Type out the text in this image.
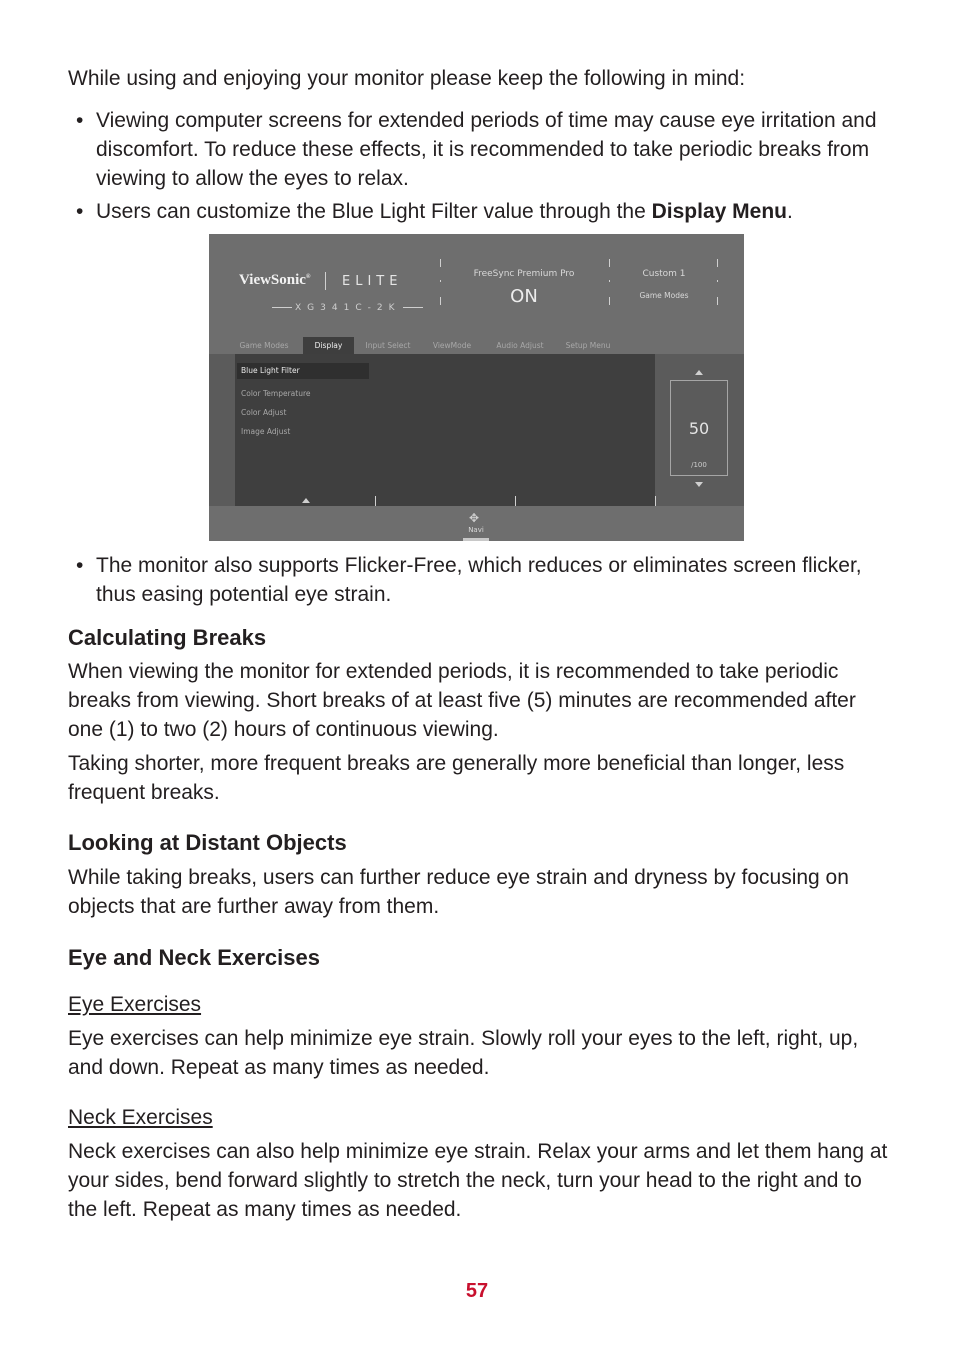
While using and enjoying your monitor please keep the following in mind:

• Viewing computer screens for extended periods of time may cause eye irritation and discomfort. To reduce these effects, it is recommended to take periodic breaks from viewing to allow the eyes to relax.
• Users can customize the Blue Light Filter value through the Display Menu.
• The monitor also supports Flicker-Free, which reduces or eliminates screen flicker, thus easing potential eye strain.
Calculating Breaks

When viewing the monitor for extended periods, it is recommended to take periodic breaks from viewing. Short breaks of at least five (5) minutes are recommended after one (1) to two (2) hours of continuous viewing.

Taking shorter, more frequent breaks are generally more beneficial than longer, less frequent breaks.

Looking at Distant Objects

While taking breaks, users can further reduce eye strain and dryness by focusing on objects that are further away from them.

Eye and Neck Exercises
Eye Exercises

Eye exercises can help minimize eye strain. Slowly roll your eyes to the left, right, up, and down. Repeat as many times as needed.

Neck Exercises

Neck exercises can also help minimize eye strain. Relax your arms and let them hang at your sides, bend forward slightly to stretch the neck, turn your head to the right and to the left. Repeat as many times as needed.

ViewSonic® ELITE
XG341C-2K
FreeSync Premium Pro
ON
Custom 1
Game Modes
Game Modes	Display	Input Select	ViewMode	Audio Adjust	Setup Menu
Blue Light Filter
Color Temperature
Color Adjust
Image Adjust	50
/100
✥
Navi
57
